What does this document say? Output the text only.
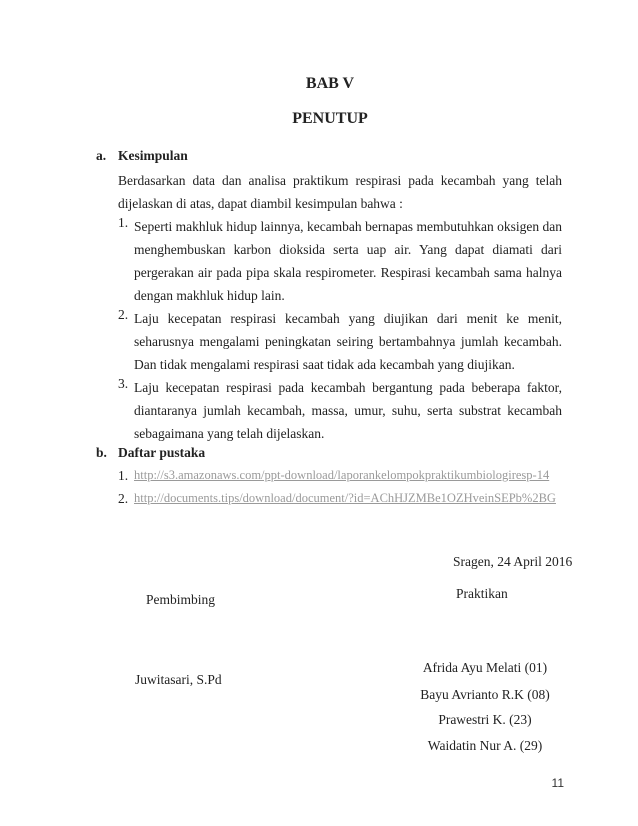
BAB V
PENUTUP
a. Kesimpulan
Berdasarkan data dan analisa praktikum respirasi pada kecambah yang telah dijelaskan di atas, dapat diambil kesimpulan bahwa :
1. Seperti makhluk hidup lainnya, kecambah bernapas membutuhkan oksigen dan menghembuskan karbon dioksida serta uap air. Yang dapat diamati dari pergerakan air pada pipa skala respirometer. Respirasi kecambah sama halnya dengan makhluk hidup lain.
2. Laju kecepatan respirasi kecambah yang diujikan dari menit ke menit, seharusnya mengalami peningkatan seiring bertambahnya jumlah kecambah. Dan tidak mengalami respirasi saat tidak ada kecambah yang diujikan.
3. Laju kecepatan respirasi pada kecambah bergantung pada beberapa faktor, diantaranya jumlah kecambah, massa, umur, suhu, serta substrat kecambah sebagaimana yang telah dijelaskan.
b. Daftar pustaka
1. http://s3.amazonaws.com/ppt-download/laporankelompokpraktikumbiologiresp-14
2. http://documents.tips/download/document/?id=AChHJZMBe1OZHveinSEPb%2BG
Sragen, 24 April 2016
Pembimbing	Praktikan
Juwitasari, S.Pd
Afrida Ayu Melati (01)
Bayu Avrianto R.K (08)
Prawestri K. (23)
Waidatin Nur A. (29)
11
